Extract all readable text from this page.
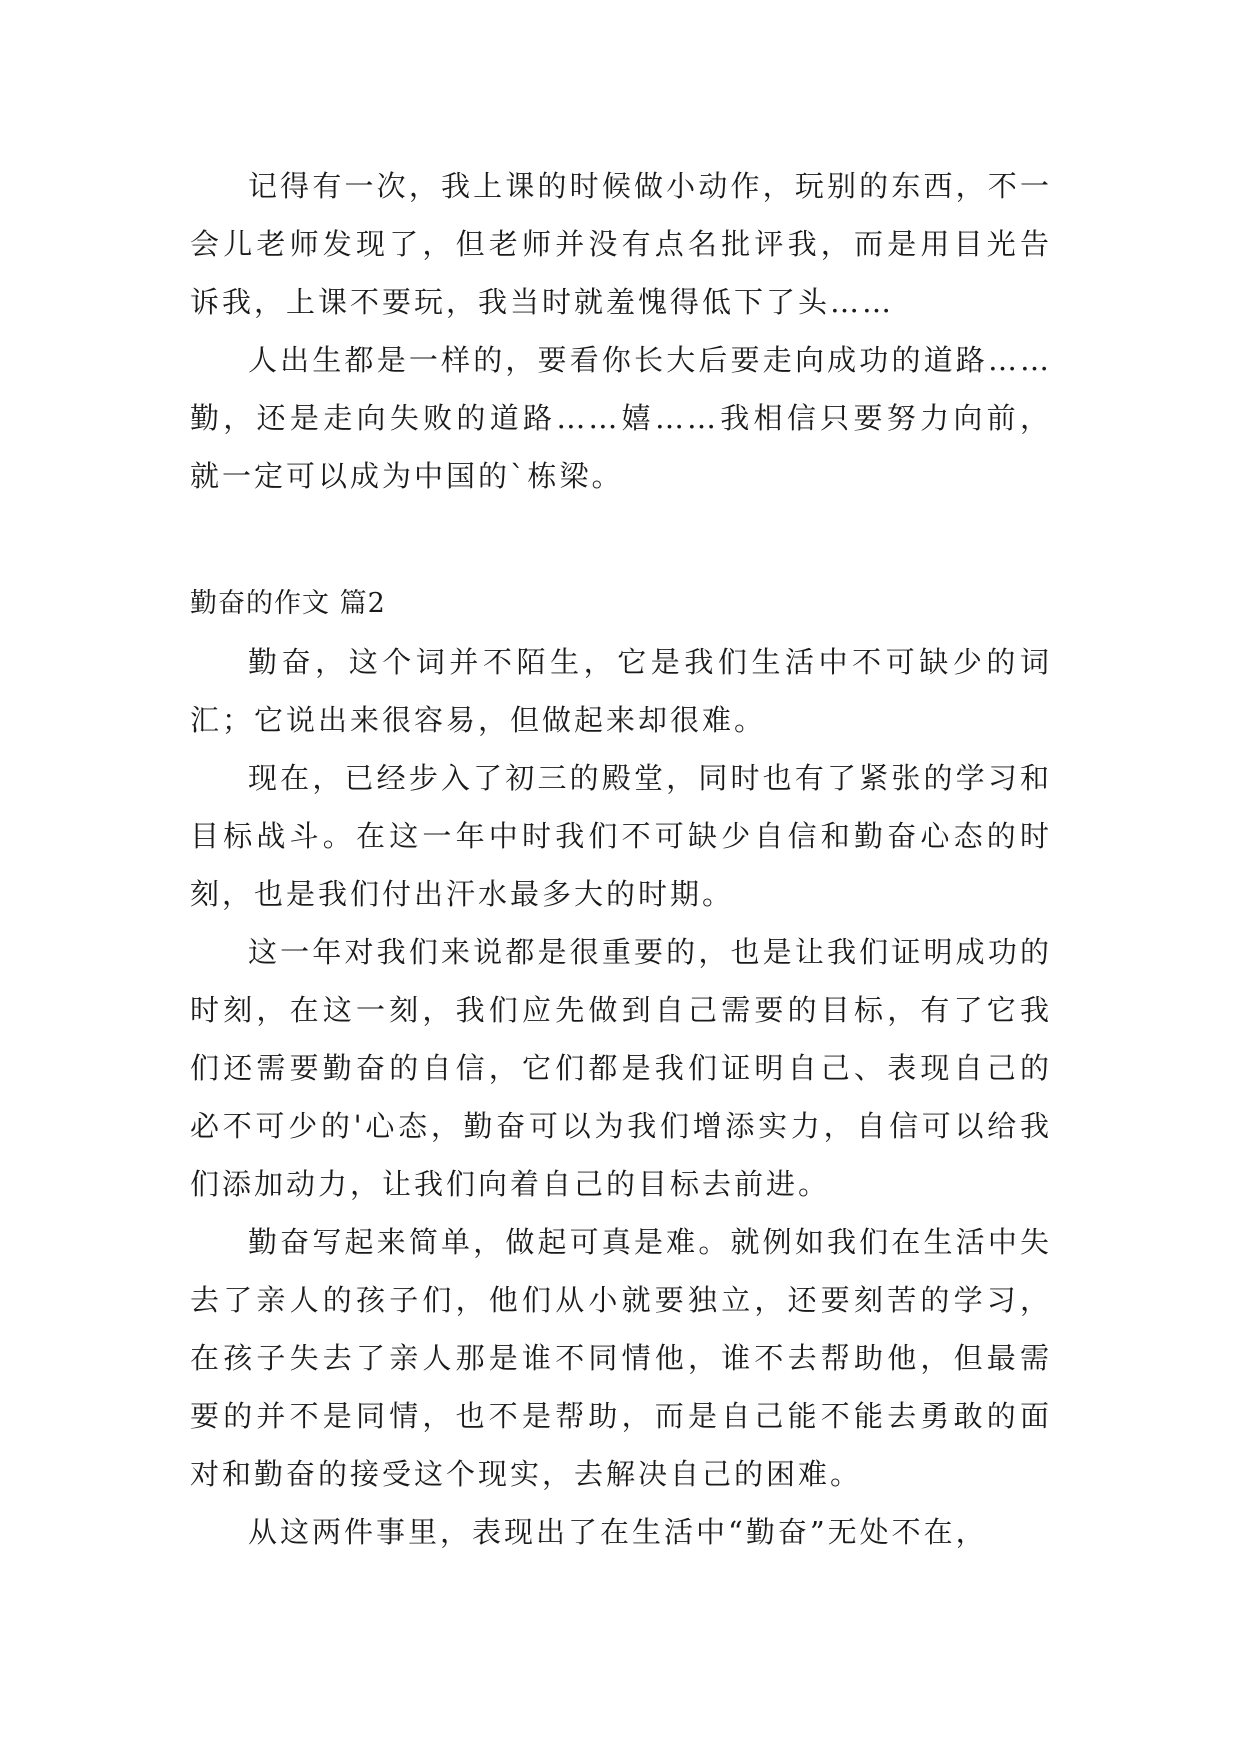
记得有一次，我上课的时候做小动作，玩别的东西，不一会儿老师发现了，但老师并没有点名批评我，而是用目光告诉我，上课不要玩，我当时就羞愧得低下了头……

人出生都是一样的，要看你长大后要走向成功的道路……勤，还是走向失败的道路……嬉……我相信只要努力向前，就一定可以成为中国的`栋梁。

勤奋的作文 篇2

勤奋，这个词并不陌生，它是我们生活中不可缺少的词汇；它说出来很容易，但做起来却很难。

现在，已经步入了初三的殿堂，同时也有了紧张的学习和目标战斗。在这一年中时我们不可缺少自信和勤奋心态的时刻，也是我们付出汗水最多大的时期。

这一年对我们来说都是很重要的，也是让我们证明成功的时刻，在这一刻，我们应先做到自己需要的目标，有了它我们还需要勤奋的自信，它们都是我们证明自己、表现自己的必不可少的'心态，勤奋可以为我们增添实力，自信可以给我们添加动力，让我们向着自己的目标去前进。

勤奋写起来简单，做起可真是难。就例如我们在生活中失去了亲人的孩子们，他们从小就要独立，还要刻苦的学习，在孩子失去了亲人那是谁不同情他，谁不去帮助他，但最需要的并不是同情，也不是帮助，而是自己能不能去勇敢的面对和勤奋的接受这个现实，去解决自己的困难。

从这两件事里，表现出了在生活中“勤奋”无处不在，
